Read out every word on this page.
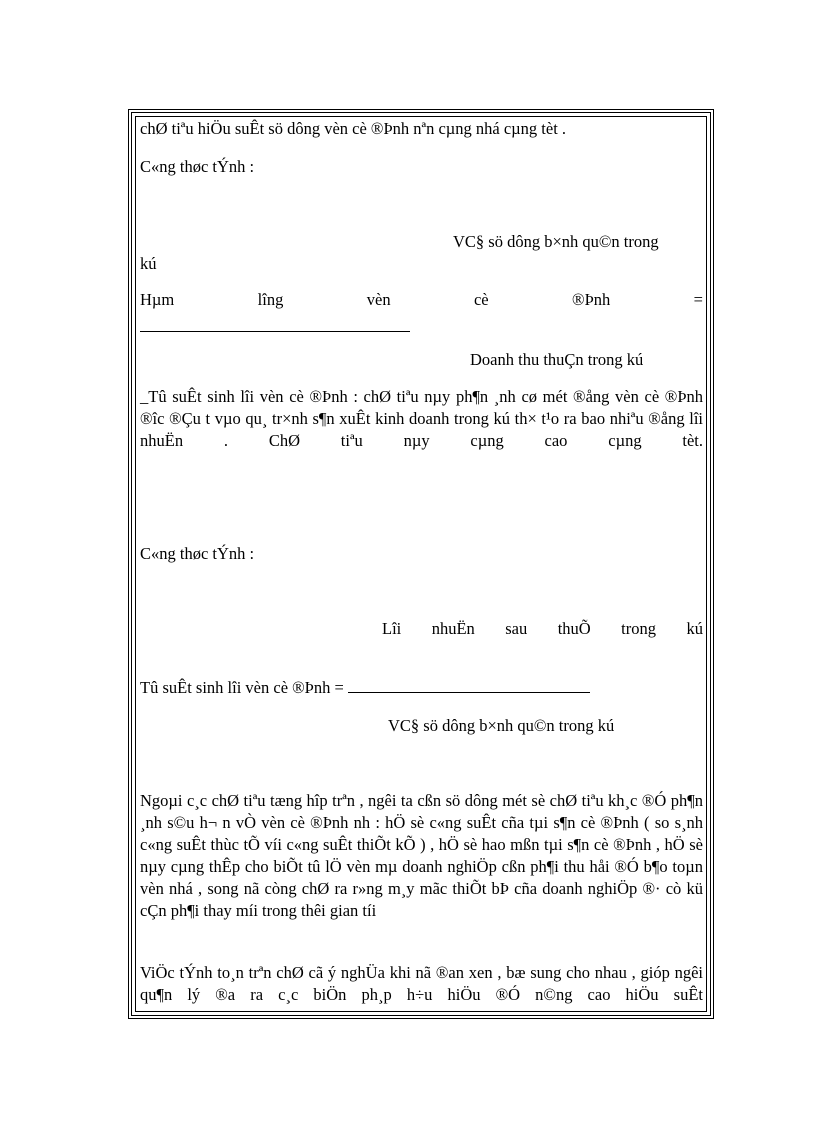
chØ tiªu hiÖu suÊt sö dông vèn cè ®Þnh nªn cµng nhá cµng tèt .
C«ng thøc tÝnh :
VC§ sö dông b×nh qu©n trong
kú
Hµm	lîng	vèn	cè	®Þnh	=
Doanh thu thuÇn trong kú
_Tû suÊt sinh lîi vèn cè ®Þnh : chØ tiªu nµy ph¶n ¸nh cø mét ®ång vèn cè ®Þnh ®îc ®Çu t vµo qu¸ tr×nh s¶n xuÊt kinh doanh trong kú th× t¹o ra bao nhiªu ®ång lîi nhuËn . ChØ tiªu nµy cµng cao cµng tèt.
C«ng thøc tÝnh :
Lîi nhuËn sau thuÕ trong kú
Tû suÊt sinh lîi vèn cè ®Þnh =
VC§ sö dông b×nh qu©n trong kú
Ngoµi c¸c chØ tiªu tæng hîp trªn , ngêi ta cßn sö dông mét sè chØ tiªu kh¸c ®Ó ph¶n ¸nh s©u h¬ n vÒ vèn cè ®Þnh nh : hÖ sè c«ng suÊt cña tµi s¶n cè ®Þnh ( so s¸nh c«ng suÊt thùc tÕ víi c«ng suÊt thiÕt kÕ ) , hÖ sè hao mßn tµi s¶n cè ®Þnh , hÖ sè nµy cµng thÊp cho biÕt tû lÖ vèn mµ doanh nghiÖp cßn ph¶i thu håi ®Ó b¶o toµn vèn nhá , song nã còng chØ ra r»ng m¸y mãc thiÕt bÞ cña doanh nghiÖp ®· cò kü cÇn ph¶i thay míi trong thêi gian tíi
ViÖc tÝnh to¸n trªn chØ cã ý nghÜa khi nã ®an xen , bæ sung cho nhau , gióp ngêi qu¶n lý ®a ra c¸c biÖn ph¸p h÷u hiÖu ®Ó n©ng cao hiÖu suÊt
